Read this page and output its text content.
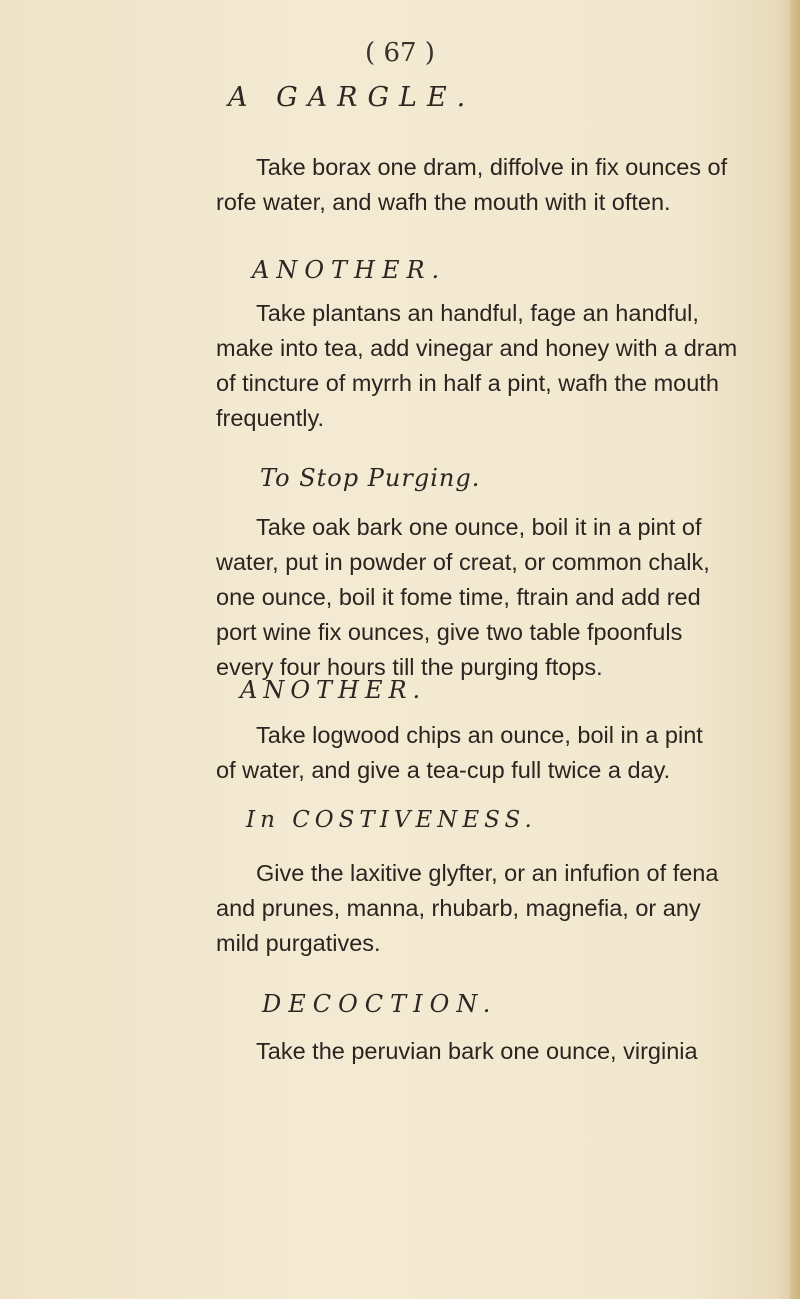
( 67 )
A GARGLE.
Take borax one dram, diffolve in fix ounces of
rofe water, and wafh the mouth with it often.
ANOTHER.
Take plantans an handful, fage an handful,
make into tea, add vinegar and honey with a dram
of tincture of myrrh in half a pint, wafh the mouth
frequently.
To Stop Purging.
Take oak bark one ounce, boil it in a pint of
water, put in powder of creat, or common chalk,
one ounce, boil it fome time, ftrain and add red
port wine fix ounces, give two table fpoonfuls
every four hours till the purging ftops.
ANOTHER.
Take logwood chips an ounce, boil in a pint
of water, and give a tea-cup full twice a day.
In COSTIVENESS.
Give the laxitive glyfter, or an infufion of fena
and prunes, manna, rhubarb, magnefia, or any
mild purgatives.
DECOCTION.
Take the peruvian bark one ounce, virginia
